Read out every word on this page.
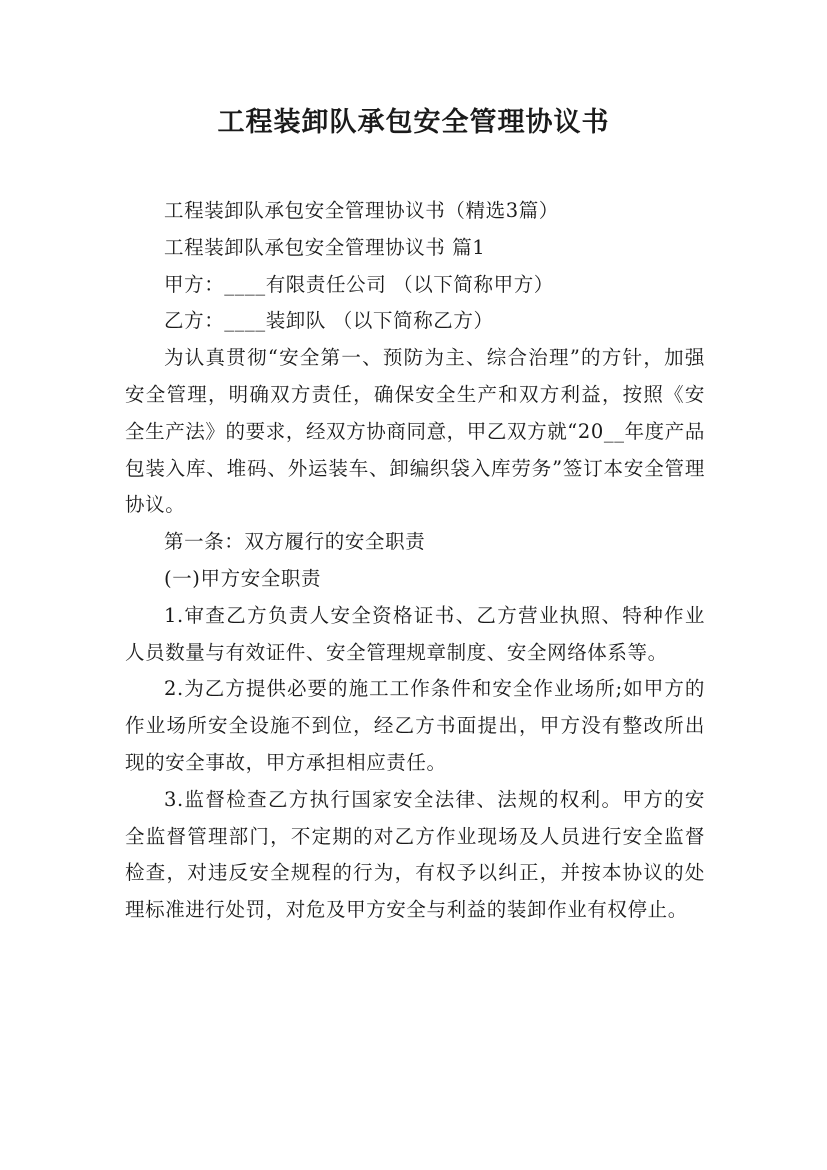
工程装卸队承包安全管理协议书

工程装卸队承包安全管理协议书（精选3篇）

工程装卸队承包安全管理协议书 篇1

甲方：____有限责任公司 （以下简称甲方）

乙方：____装卸队 （以下简称乙方）

为认真贯彻“安全第一、预防为主、综合治理”的方针，加强安全管理，明确双方责任，确保安全生产和双方利益，按照《安全生产法》的要求，经双方协商同意，甲乙双方就“20__年度产品包装入库、堆码、外运装车、卸编织袋入库劳务”签订本安全管理协议。

第一条：双方履行的安全职责

(一)甲方安全职责

1.审查乙方负责人安全资格证书、乙方营业执照、特种作业人员数量与有效证件、安全管理规章制度、安全网络体系等。

2.为乙方提供必要的施工工作条件和安全作业场所;如甲方的作业场所安全设施不到位，经乙方书面提出，甲方没有整改所出现的安全事故，甲方承担相应责任。

3.监督检查乙方执行国家安全法律、法规的权利。甲方的安全监督管理部门，不定期的对乙方作业现场及人员进行安全监督检查，对违反安全规程的行为，有权予以纠正，并按本协议的处理标准进行处罚，对危及甲方安全与利益的装卸作业有权停止。
